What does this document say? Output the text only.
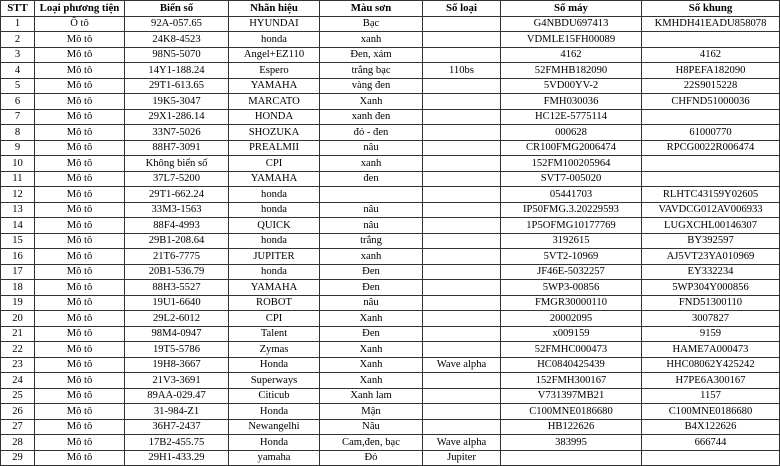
STT	Loại phương tiện	Biển số	Nhãn hiệu	Màu sơn	Số loại	Số máy	Số khung
1	Ô tô	92A-057.65	HYUNDAI	Bạc		G4NBDU697413	KMHDH41EADU858078
2	Mô tô	24K8-4523	honda	xanh		VDMLE15FH00089	
3	Mô tô	98N5-5070	Angel+EZ110	Đen, xám		4162	4162
4	Mô tô	14Y1-188.24	Espero	trắng bạc	110bs	52FMHB182090	H8PEFA182090
5	Mô tô	29T1-613.65	YAMAHA	vàng đen		5VD00YV-2	22S9015228
6	Mô tô	19K5-3047	MARCATO	Xanh		FMH030036	CHFND51000036
7	Mô tô	29X1-286.14	HONDA	xanh đen		HC12E-5775114	
8	Mô tô	33N7-5026	SHOZUKA	đỏ - đen		000628	61000770
9	Mô tô	88H7-3091	PREALMII	nâu		CR100FMG2006474	RPCG0022R006474
10	Mô tô	Không biển số	CPI	xanh		152FM100205964	
11	Mô tô	37L7-5200	YAMAHA	đen		SVT7-005020	
12	Mô tô	29T1-662.24	honda			05441703	RLHTC43159Y02605
13	Mô tô	33M3-1563	honda	nâu		IP50FMG.3.20229593	VAVDCG012AV006933
14	Mô tô	88F4-4993	QUICK	nâu		1P5OFMG10177769	LUGXCHL00146307
15	Mô tô	29B1-208.64	honda	trắng		3192615	BY392597
16	Mô tô	21T6-7775	JUPITER	xanh		5VT2-10969	AJ5VT23YA010969
17	Mô tô	20B1-536.79	honda	Đen		JF46E-5032257	EY332234
18	Mô tô	88H3-5527	YAMAHA	Đen		5WP3-00856	5WP304Y000856
19	Mô tô	19U1-6640	ROBOT	nâu		FMGR30000110	FND51300110
20	Mô tô	29L2-6012	CPI	Xanh		20002095	3007827
21	Mô tô	98M4-0947	Talent	Đen		x009159	9159
22	Mô tô	19T5-5786	Zymas	Xanh		52FMHC000473	HAME7A000473
23	Mô tô	19H8-3667	Honda	Xanh	Wave alpha	HC0840425439	HHC08062Y425242
24	Mô tô	21V3-3691	Superways	Xanh		152FMH300167	H7PE6A300167
25	Mô tô	89AA-029.47	Citicub	Xanh lam		V731397MB21	1157
26	Mô tô	31-984-Z1	Honda	Mận		C100MNE0186680	C100MNE0186680
27	Mô tô	36H7-2437	Newangelhi	Nâu		HB122626	B4X122626
28	Mô tô	17B2-455.75	Honda	Cam,đen, bạc	Wave alpha	383995	666744
29	Mô tô	29H1-433.29	yamaha	Đỏ	Jupiter		
